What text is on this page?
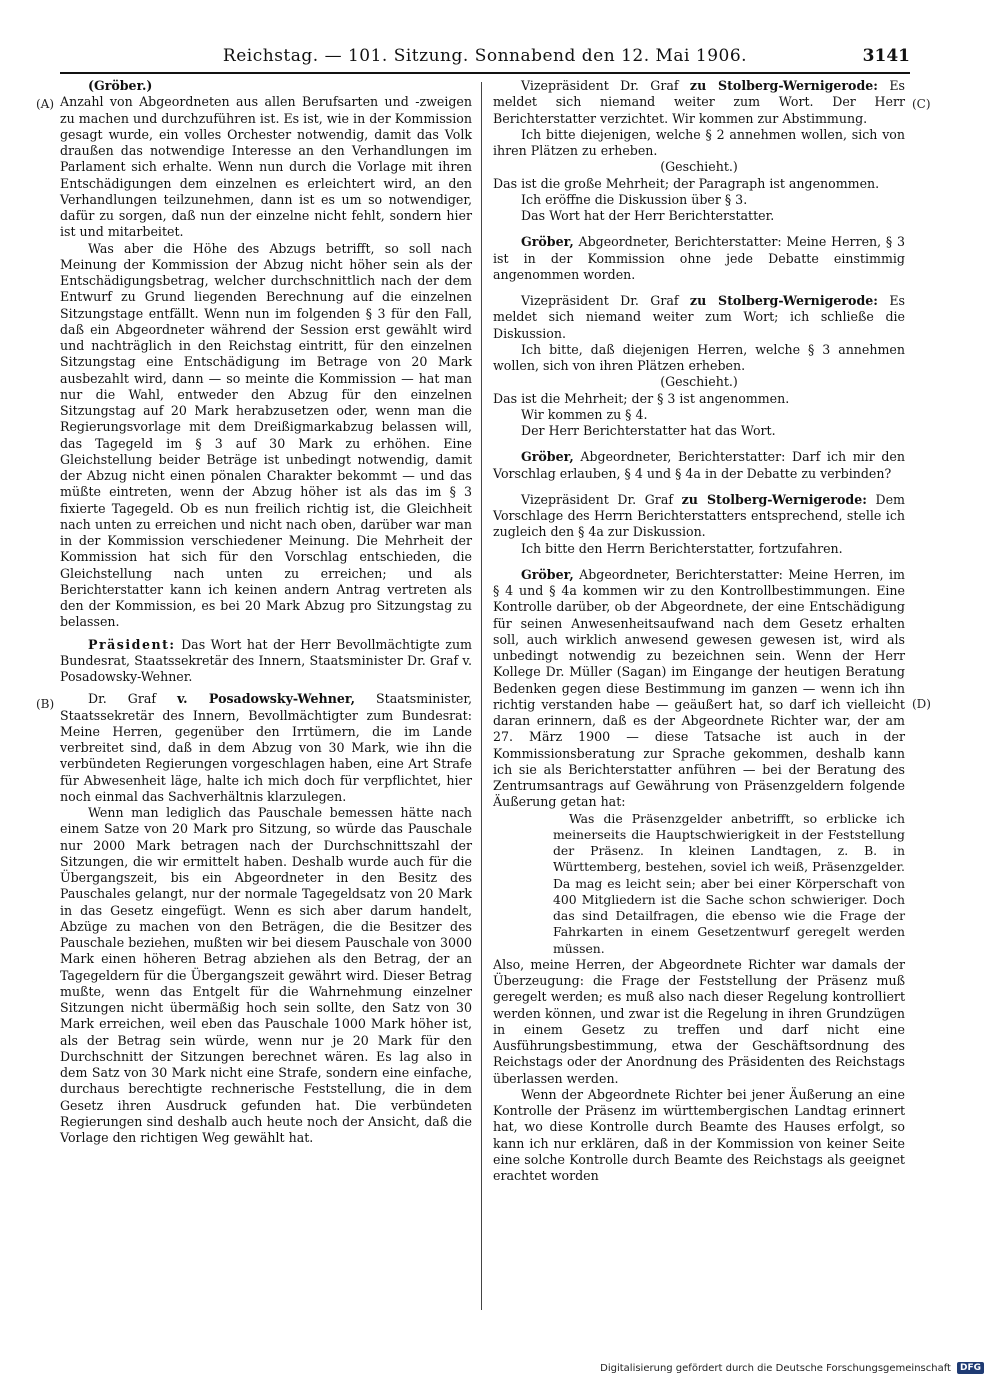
Reichstag. — 101. Sitzung. Sonnabend den 12. Mai 1906.	3141
(A)
(B)
(C)
(D)

(Gröber.)

Anzahl von Abgeordneten aus allen Berufsarten und -zweigen zu machen und durchzuführen ist. Es ist, wie in der Kommission gesagt wurde, ein volles Orchester notwendig, damit das Volk draußen das notwendige Interesse an den Verhandlungen im Parlament sich erhalte. Wenn nun durch die Vorlage mit ihren Entschädigungen dem einzelnen es erleichtert wird, an den Verhandlungen teilzunehmen, dann ist es um so notwendiger, dafür zu sorgen, daß nun der einzelne nicht fehlt, sondern hier ist und mitarbeitet.

Was aber die Höhe des Abzugs betrifft, so soll nach Meinung der Kommission der Abzug nicht höher sein als der Entschädigungsbetrag, welcher durchschnittlich nach der dem Entwurf zu Grund liegenden Berechnung auf die einzelnen Sitzungstage entfällt. Wenn nun im folgenden § 3 für den Fall, daß ein Abgeordneter während der Session erst gewählt wird und nachträglich in den Reichstag eintritt, für den einzelnen Sitzungstag eine Entschädigung im Betrage von 20 Mark ausbezahlt wird, dann — so meinte die Kommission — hat man nur die Wahl, entweder den Abzug für den einzelnen Sitzungstag auf 20 Mark herabzusetzen oder, wenn man die Regierungsvorlage mit dem Dreißigmarkabzug belassen will, das Tagegeld im § 3 auf 30 Mark zu erhöhen. Eine Gleichstellung beider Beträge ist unbedingt notwendig, damit der Abzug nicht einen pönalen Charakter bekommt — und das müßte eintreten, wenn der Abzug höher ist als das im § 3 fixierte Tagegeld. Ob es nun freilich richtig ist, die Gleichheit nach unten zu erreichen und nicht nach oben, darüber war man in der Kommission verschiedener Meinung. Die Mehrheit der Kommission hat sich für den Vorschlag entschieden, die Gleichstellung nach unten zu erreichen; und als Berichterstatter kann ich keinen andern Antrag vertreten als den der Kommission, es bei 20 Mark Abzug pro Sitzungstag zu belassen.

Präsident: Das Wort hat der Herr Bevollmächtigte zum Bundesrat, Staatssekretär des Innern, Staatsminister Dr. Graf v. Posadowsky-Wehner.

Dr. Graf v. Posadowsky-Wehner, Staatsminister, Staatssekretär des Innern, Bevollmächtigter zum Bundesrat: Meine Herren, gegenüber den Irrtümern, die im Lande verbreitet sind, daß in dem Abzug von 30 Mark, wie ihn die verbündeten Regierungen vorgeschlagen haben, eine Art Strafe für Abwesenheit läge, halte ich mich doch für verpflichtet, hier noch einmal das Sachverhältnis klarzulegen.

Wenn man lediglich das Pauschale bemessen hätte nach einem Satze von 20 Mark pro Sitzung, so würde das Pauschale nur 2000 Mark betragen nach der Durchschnittszahl der Sitzungen, die wir ermittelt haben. Deshalb wurde auch für die Übergangszeit, bis ein Abgeordneter in den Besitz des Pauschales gelangt, nur der normale Tagegeldsatz von 20 Mark in das Gesetz eingefügt. Wenn es sich aber darum handelt, Abzüge zu machen von den Beträgen, die die Besitzer des Pauschale beziehen, mußten wir bei diesem Pauschale von 3000 Mark einen höheren Betrag abziehen als den Betrag, der an Tagegeldern für die Übergangszeit gewährt wird. Dieser Betrag mußte, wenn das Entgelt für die Wahrnehmung einzelner Sitzungen nicht übermäßig hoch sein sollte, den Satz von 30 Mark erreichen, weil eben das Pauschale 1000 Mark höher ist, als der Betrag sein würde, wenn nur je 20 Mark für den Durchschnitt der Sitzungen berechnet wären. Es lag also in dem Satz von 30 Mark nicht eine Strafe, sondern eine einfache, durchaus berechtigte rechnerische Feststellung, die in dem Gesetz ihren Ausdruck gefunden hat. Die verbündeten Regierungen sind deshalb auch heute noch der Ansicht, daß die Vorlage den richtigen Weg gewählt hat.

Vizepräsident Dr. Graf zu Stolberg-Wernigerode: Es meldet sich niemand weiter zum Wort. Der Herr Berichterstatter verzichtet. Wir kommen zur Abstimmung.

Ich bitte diejenigen, welche § 2 annehmen wollen, sich von ihren Plätzen zu erheben.

(Geschieht.)

Das ist die große Mehrheit; der Paragraph ist angenommen.

Ich eröffne die Diskussion über § 3.

Das Wort hat der Herr Berichterstatter.

Gröber, Abgeordneter, Berichterstatter: Meine Herren, § 3 ist in der Kommission ohne jede Debatte einstimmig angenommen worden.

Vizepräsident Dr. Graf zu Stolberg-Wernigerode: Es meldet sich niemand weiter zum Wort; ich schließe die Diskussion.

Ich bitte, daß diejenigen Herren, welche § 3 annehmen wollen, sich von ihren Plätzen erheben.

(Geschieht.)

Das ist die Mehrheit; der § 3 ist angenommen.

Wir kommen zu § 4.

Der Herr Berichterstatter hat das Wort.

Gröber, Abgeordneter, Berichterstatter: Darf ich mir den Vorschlag erlauben, § 4 und § 4a in der Debatte zu verbinden?

Vizepräsident Dr. Graf zu Stolberg-Wernigerode: Dem Vorschlage des Herrn Berichterstatters entsprechend, stelle ich zugleich den § 4a zur Diskussion.

Ich bitte den Herrn Berichterstatter, fortzufahren.

Gröber, Abgeordneter, Berichterstatter: Meine Herren, im § 4 und § 4a kommen wir zu den Kontrollbestimmungen. Eine Kontrolle darüber, ob der Abgeordnete, der eine Entschädigung für seinen Anwesenheitsaufwand nach dem Gesetz erhalten soll, auch wirklich anwesend gewesen gewesen ist, wird als unbedingt notwendig zu bezeichnen sein. Wenn der Herr Kollege Dr. Müller (Sagan) im Eingange der heutigen Beratung Bedenken gegen diese Bestimmung im ganzen — wenn ich ihn richtig verstanden habe — geäußert hat, so darf ich vielleicht daran erinnern, daß es der Abgeordnete Richter war, der am 27. März 1900 — diese Tatsache ist auch in der Kommissionsberatung zur Sprache gekommen, deshalb kann ich sie als Berichterstatter anführen — bei der Beratung des Zentrumsantrags auf Gewährung von Präsenzgeldern folgende Äußerung getan hat:

Was die Präsenzgelder anbetrifft, so erblicke ich meinerseits die Hauptschwierigkeit in der Feststellung der Präsenz. In kleinen Landtagen, z. B. in Württemberg, bestehen, soviel ich weiß, Präsenzgelder. Da mag es leicht sein; aber bei einer Körperschaft von 400 Mitgliedern ist die Sache schon schwieriger. Doch das sind Detailfragen, die ebenso wie die Frage der Fahrkarten in einem Gesetzentwurf geregelt werden müssen.

Also, meine Herren, der Abgeordnete Richter war damals der Überzeugung: die Frage der Feststellung der Präsenz muß geregelt werden; es muß also nach dieser Regelung kontrolliert werden können, und zwar ist die Regelung in ihren Grundzügen in einem Gesetz zu treffen und darf nicht eine Ausführungsbestimmung, etwa der Geschäftsordnung des Reichstags oder der Anordnung des Präsidenten des Reichstags überlassen werden.

Wenn der Abgeordnete Richter bei jener Äußerung an eine Kontrolle der Präsenz im württembergischen Landtag erinnert hat, wo diese Kontrolle durch Beamte des Hauses erfolgt, so kann ich nur erklären, daß in der Kommission von keiner Seite eine solche Kontrolle durch Beamte des Reichstags als geeignet erachtet worden

Digitalisierung gefördert durch die Deutsche Forschungsgemeinschaft	DFG
